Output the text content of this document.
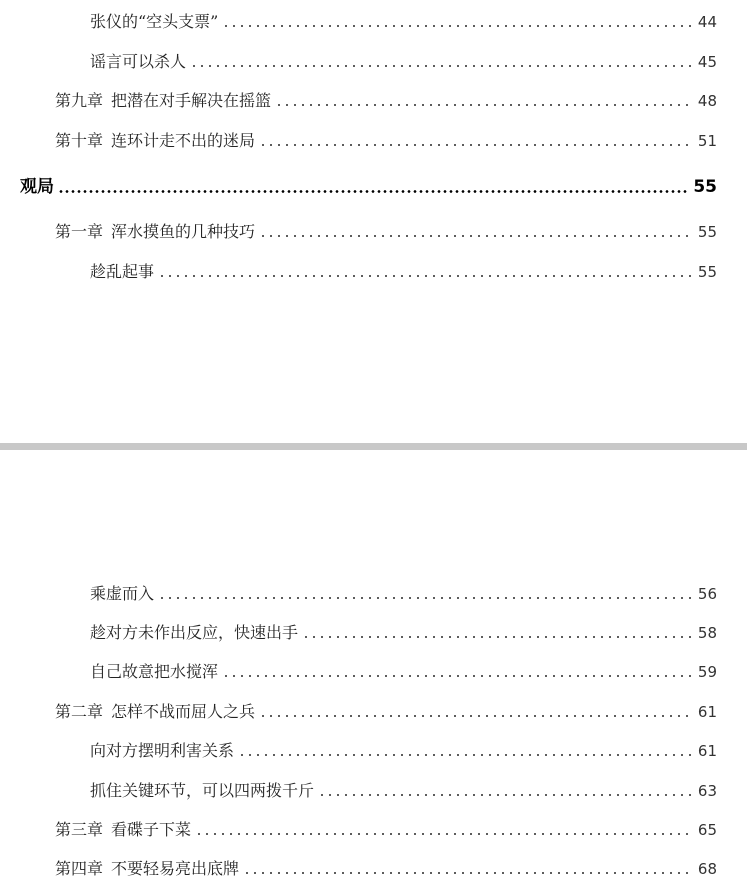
张仪的“空头支票”	44
谣言可以杀人	45
第九章 把潜在对手解决在摇篮	48
第十章 连环计走不出的迷局	51
观局	55
第一章 浑水摸鱼的几种技巧	55
趁乱起事	55
乘虚而入	56
趁对方未作出反应，快速出手	58
自己故意把水搅浑	59
第二章 怎样不战而屈人之兵	61
向对方摆明利害关系	61
抓住关键环节，可以四两拨千斤	63
第三章 看碟子下菜	65
第四章 不要轻易亮出底牌	68
